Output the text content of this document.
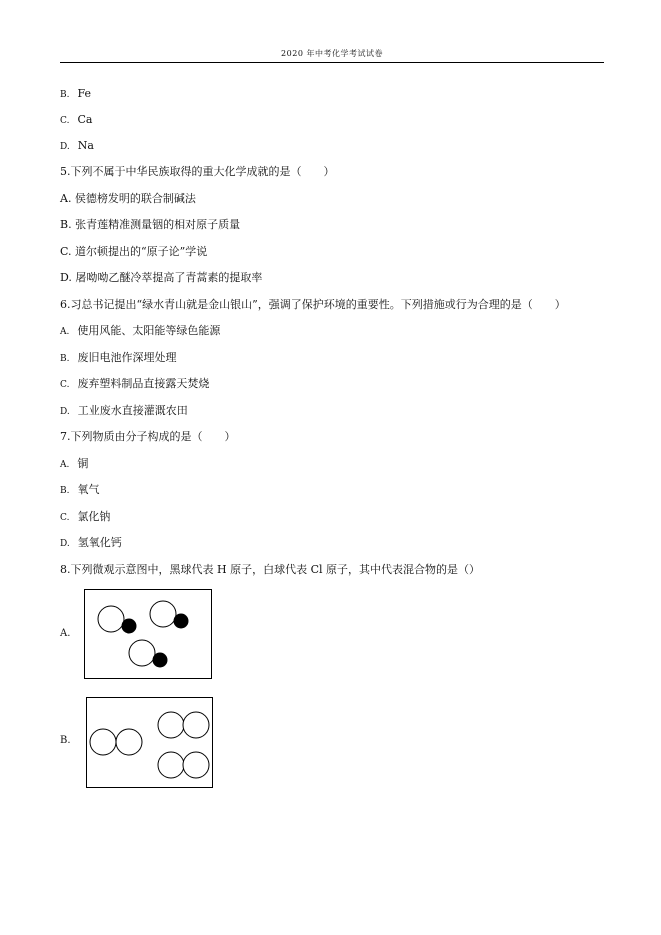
2020 年中考化学考试试卷
B. Fe
C. Ca
D. Na
5.下列不属于中华民族取得的重大化学成就的是（　　）
A. 侯德榜发明的联合制碱法
B. 张青莲精准测量铟的相对原子质量
C. 道尔顿提出的“原子论”学说
D. 屠呦呦乙醚冷萃提高了青蒿素的提取率
6.习总书记提出“绿水青山就是金山银山”，强调了保护环境的重要性。下列措施或行为合理的是（　　）
A. 使用风能、太阳能等绿色能源
B. 废旧电池作深埋处理
C. 废弃塑料制品直接露天焚烧
D. 工业废水直接灌溉农田
7.下列物质由分子构成的是（　　）
A. 铜
B. 氧气
C. 氯化钠
D. 氢氧化钙
8.下列微观示意图中，黑球代表 H 原子，白球代表 Cl 原子，其中代表混合物的是（）
A.
B.
